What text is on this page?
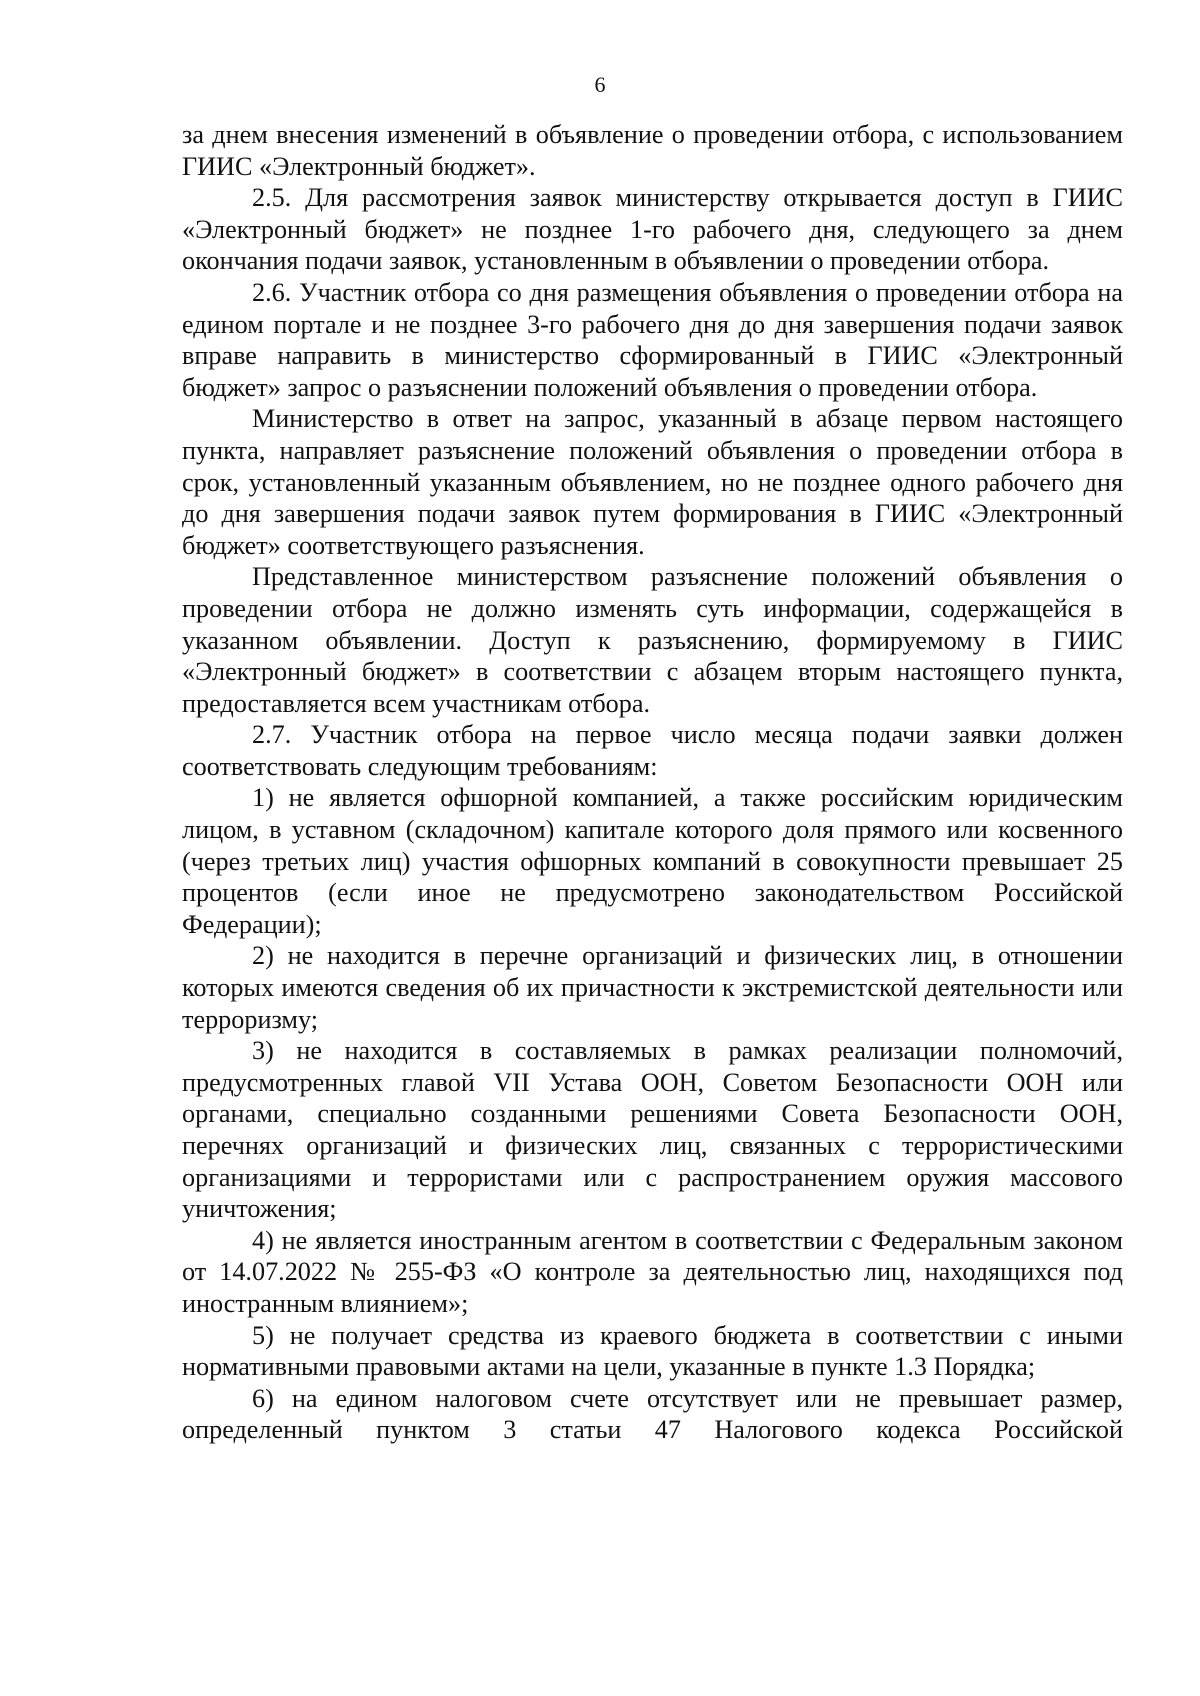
6

за днем внесения изменений в объявление о проведении отбора, с использованием ГИИС «Электронный бюджет».

2.5. Для рассмотрения заявок министерству открывается доступ в ГИИС «Электронный бюджет» не позднее 1-го рабочего дня, следующего за днем окончания подачи заявок, установленным в объявлении о проведении отбора.

2.6. Участник отбора со дня размещения объявления о проведении отбора на едином портале и не позднее 3-го рабочего дня до дня завершения подачи заявок вправе направить в министерство сформированный в ГИИС «Электронный бюджет» запрос о разъяснении положений объявления о проведении отбора.

Министерство в ответ на запрос, указанный в абзаце первом настоящего пункта, направляет разъяснение положений объявления о проведении отбора в срок, установленный указанным объявлением, но не позднее одного рабочего дня до дня завершения подачи заявок путем формирования в ГИИС «Электронный бюджет» соответствующего разъяснения.

Представленное министерством разъяснение положений объявления о проведении отбора не должно изменять суть информации, содержащейся в указанном объявлении. Доступ к разъяснению, формируемому в ГИИС «Электронный бюджет» в соответствии с абзацем вторым настоящего пункта, предоставляется всем участникам отбора.

2.7. Участник отбора на первое число месяца подачи заявки должен соответствовать следующим требованиям:

1) не является офшорной компанией, а также российским юридическим лицом, в уставном (складочном) капитале которого доля прямого или косвенного (через третьих лиц) участия офшорных компаний в совокупности превышает 25 процентов (если иное не предусмотрено законодательством Российской Федерации);

2) не находится в перечне организаций и физических лиц, в отношении которых имеются сведения об их причастности к экстремистской деятельности или терроризму;

3) не находится в составляемых в рамках реализации полномочий, предусмотренных главой VII Устава ООН, Советом Безопасности ООН или органами, специально созданными решениями Совета Безопасности ООН, перечнях организаций и физических лиц, связанных с террористическими организациями и террористами или с распространением оружия массового уничтожения;

4) не является иностранным агентом в соответствии с Федеральным законом от 14.07.2022 № 255-ФЗ «О контроле за деятельностью лиц, находящихся под иностранным влиянием»;

5) не получает средства из краевого бюджета в соответствии с иными нормативными правовыми актами на цели, указанные в пункте 1.3 Порядка;

6) на едином налоговом счете отсутствует или не превышает размер, определенный пунктом 3 статьи 47 Налогового кодекса Российской
